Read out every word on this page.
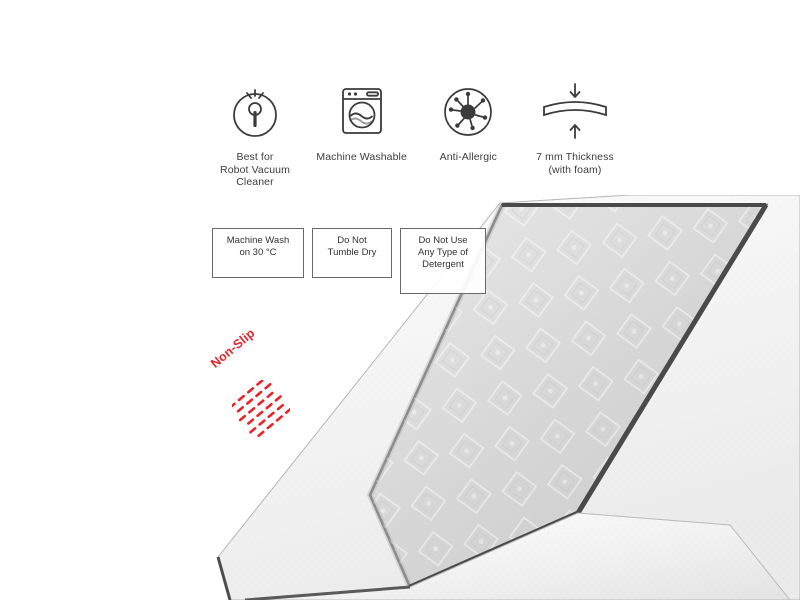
Best for
Robot Vacuum
Cleaner
Machine Washable	Anti-Allergic	7 mm Thickness
(with foam)
Machine Wash
on 30 °C
Do Not
Tumble Dry
Do Not Use
Any Type of
Detergent
Non-Slip
